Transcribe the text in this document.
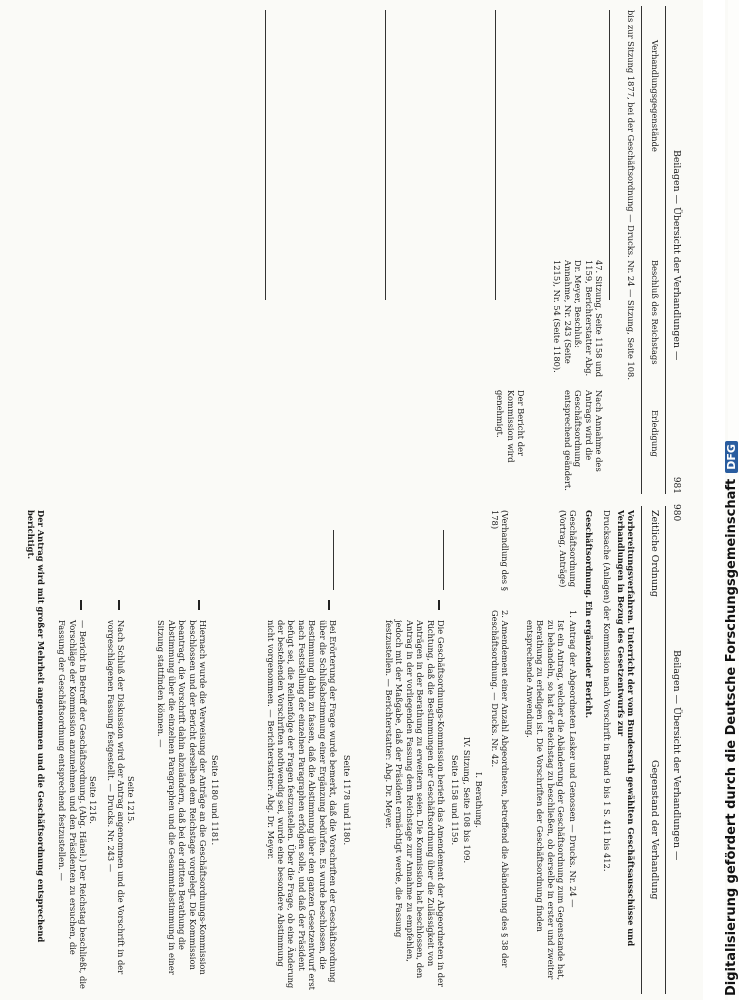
980
Beilagen — Übersicht der Verhandlungen —
Zeitliche Ordnung
Gegenstand der Verhandlung
Vorbereitungsverfahren. Unterricht der vom Bundesrath gewählten Geschäftsausschüsse und Verhandlungen in Bezug des Gesetzentwurfs zur
Drucksache (Anlagen) der Kommission nach Vorschrift in Band 9 bis 1 S. 411 bis 412.
Geschäftsordnung. Ein ergänzender Bericht.
Geschäftsordnung (Vortrag, Anträge)
(Verhandlung des § 178)
1. Antrag der Abgeordneten Lasker und Genossen — Drucks. Nr. 24 —
Ist ein Antrag, welcher die Abänderung der Geschäftsordnung zum Gegenstande hat, zu behandeln, so hat der Reichstag zu beschließen, ob derselbe in erster und zweiter Berathung zu erledigen ist. Die Vorschriften der Geschäftsordnung finden entsprechende Anwendung.
2. Amendement einer Anzahl Abgeordneten, betreffend die Abänderung des § 38 der Geschäftsordnung. — Drucks. Nr. 42.
I. Berathung.
IV. Sitzung, Seite 108 bis 109.
Seite 1158 und 1159.
Die Geschäftsordnungs-Kommission berieth das Amendement der Abgeordneten in der Richtung, daß die Bestimmungen der Geschäftsordnung über die Zulässigkeit von Anträgen in der Berathung zu erweitern seien. Die Kommission hat beschlossen, den Antrag in der vorliegenden Fassung dem Reichstage zur Annahme zu empfehlen, jedoch mit der Maßgabe, daß der Präsident ermächtigt werde, die Fassung festzustellen. — Berichterstatter: Abg. Dr. Meyer.
Seite 1178 und 1180.
Bei Erörterung der Frage wurde bemerkt, daß die Vorschriften der Geschäftsordnung über die Schlußabstimmung einer Ergänzung bedürfen. Es wurde beschlossen, die Bestimmung dahin zu fassen, daß die Abstimmung über den ganzen Gesetzentwurf erst nach Feststellung der einzelnen Paragraphen erfolgen solle, und daß der Präsident befugt sei, die Reihenfolge der Fragen festzustellen. Über die Frage, ob eine Änderung der bestehenden Vorschriften nothwendig sei, wurde eine besondere Abstimmung nicht vorgenommen. — Berichterstatter: Abg. Dr. Meyer.
Seite 1180 und 1181.
Hiernach wurde die Verweisung der Anträge an die Geschäftsordnungs-Kommission beschlossen und der Bericht derselben dem Reichstage vorgelegt. Die Kommission beantragt, die Vorschrift dahin abzuändern, daß bei der dritten Berathung die Abstimmung über die einzelnen Paragraphen und die Gesammtabstimmung in einer Sitzung stattfinden können. —
Seite 1215.
Nach Schluß der Diskussion wird der Antrag angenommen und die Vorschrift in der vorgeschlagenen Fassung festgestellt. — Drucks. Nr. 243 —
Seite 1216.
— Bericht in Betreff der Geschäftsordnung. (Abg. Hänel.) Der Reichstag beschließt, die Vorschläge der Kommission anzunehmen und den Präsidenten zu ersuchen, die Fassung der Geschäftsordnung entsprechend festzustellen. —
Der Antrag wird mit großer Mehrheit angenommen und die Geschäftsordnung entsprechend berichtigt.
Beilagen — Übersicht der Verhandlungen —
981
Verhandlungsgegenstände
Beschluß des Reichstags
Erledigung
bis zur Sitzung 1877, bei der Geschäftsordnung — Drucks. Nr. 24 — Sitzung, Seite 108.
47. Sitzung, Seite 1158 und 1159, Berichterstatter Abg. Dr. Meyer, Beschluß: Annahme, Nr. 243 (Seite 1215), Nr. 54 (Seite 1180).
Nach Annahme des Antrags wird die Geschäftsordnung entsprechend geändert.
Der Bericht der Kommission wird genehmigt.
Digitalisierung gefördert durch die Deutsche ForschungsgemeinschaftDFG
